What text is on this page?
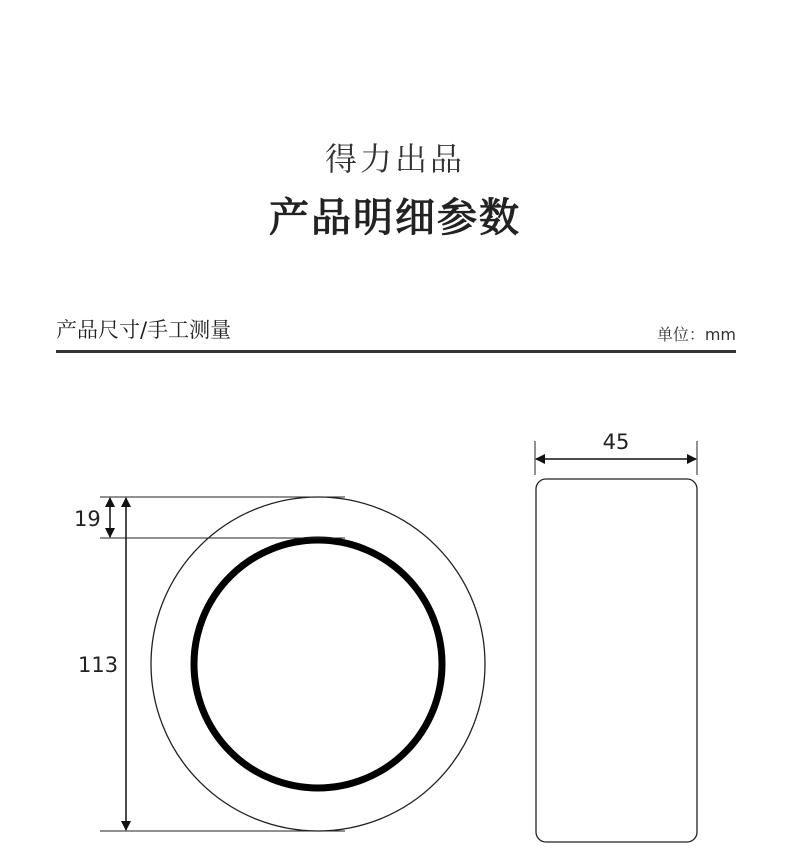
得力出品
产品明细参数
产品尺寸/手工测量	单位：mm
19
113
45
